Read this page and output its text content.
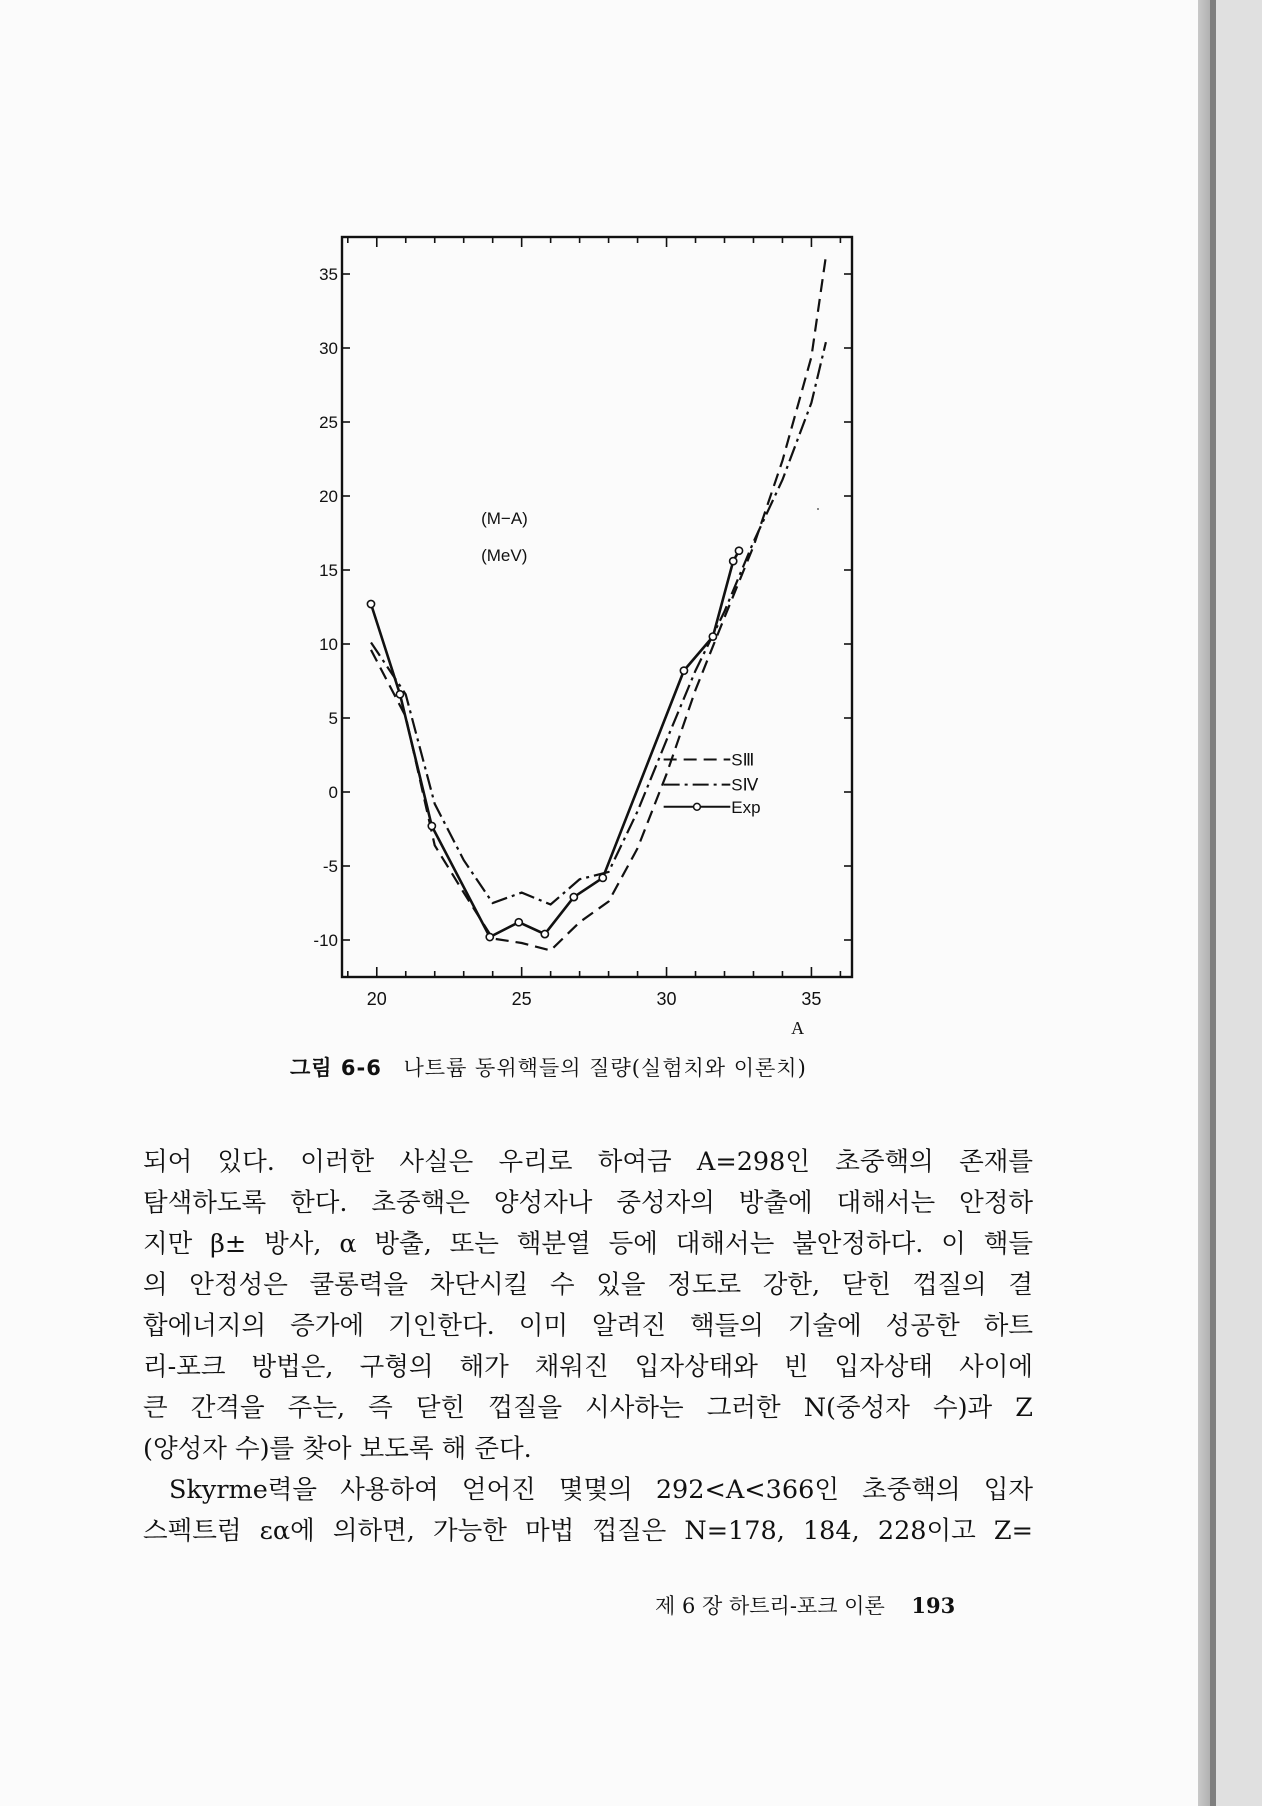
35
30
25
20
15
10
5
0
-5
-10
20	25	30	35
(M−A)
(MeV)
A
SⅢ
SⅣ
Exp
그림 6-6 나트륨 동위핵들의 질량(실험치와 이론치)

되어 있다. 이러한 사실은 우리로 하여금 A=298인 초중핵의 존재를

탐색하도록 한다. 초중핵은 양성자나 중성자의 방출에 대해서는 안정하

지만 β± 방사, α 방출, 또는 핵분열 등에 대해서는 불안정하다. 이 핵들

의 안정성은 쿨롱력을 차단시킬 수 있을 정도로 강한, 닫힌 껍질의 결

합에너지의 증가에 기인한다. 이미 알려진 핵들의 기술에 성공한 하트

리-포크 방법은, 구형의 해가 채워진 입자상태와 빈 입자상태 사이에

큰 간격을 주는, 즉 닫힌 껍질을 시사하는 그러한 N(중성자 수)과 Z

(양성자 수)를 찾아 보도록 해 준다.

Skyrme력을 사용하여 얻어진 몇몇의 292<A<366인 초중핵의 입자

스펙트럼 εα에 의하면, 가능한 마법 껍질은 N=178, 184, 228이고 Z=

제 6 장 하트리-포크 이론 193
